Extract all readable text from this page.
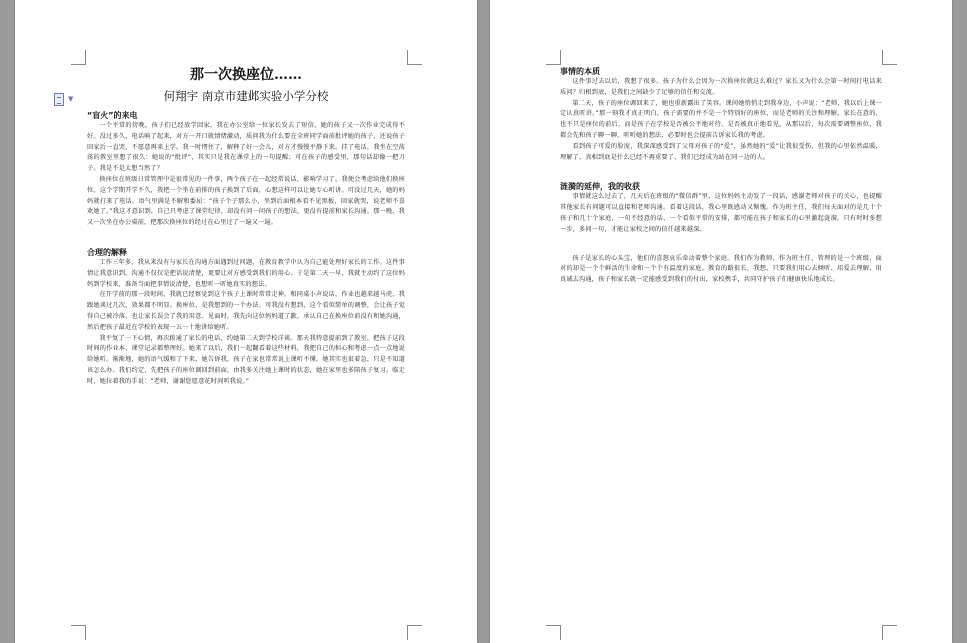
▼

那一次换座位……

何翔宇 南京市建邺实验小学分校

“盲火”的来电

一个平常的傍晚，孩子们已经放学回家，我在办公室给一位家长发去了短信，她的孩子又一次作业完成得不好。没过多久，电话响了起来，对方一开口就情绪激动，质问我为什么要在全班同学面前批评她的孩子，还说孩子回家后一直哭，不愿意再来上学。我一时愣住了，解释了好一会儿，对方才慢慢平静下来。挂了电话，我坐在空荡荡的教室里想了很久：她说的“批评”，其实只是我在课堂上的一句提醒；可在孩子的感受里，那句话却像一把刀子。我是不是太想当然了？

换座位在班级日常管理中是很常见的一件事，两个孩子在一起经常说话，影响学习了，我便会考虑给他们换座位。这个学期开学不久，我把一个坐在前排的孩子换到了后面，心想这样可以让她专心听讲。可没过几天，她的妈妈就打来了电话，语气里满是不解和委屈：“孩子个子那么小，坐到后面根本看不见黑板，回家就哭，说老师不喜欢她了。”我这才意识到，自己只考虑了课堂纪律，却没有问一问孩子的想法，更没有提前和家长沟通。那一晚，我又一次坐在办公桌前，把那次换座位的经过在心里过了一遍又一遍。

合理的解释

工作三年多，我从来没有与家长在沟通方面遇到过问题，在教育教学中认为自己能处理好家长的工作。这件事情让我意识到，沟通不仅仅是把话说清楚，更要让对方感受到我们的用心。于是第二天一早，我就主动约了这位妈妈到学校来，准备当面把事情说清楚，也想听一听她真实的想法。

在开学前的那一段时间，我就已经察觉到这个孩子上课时常常走神，和同桌小声说话，作业也越来越马虎。我跟她谈过几次，效果都不明显。换座位，是我想到的一个办法。可我没有想到，这个看似简单的调整，会让孩子觉得自己被冷落，也让家长误会了我的用意。见面时，我先向这位妈妈道了歉，承认自己在换座位前没有和她沟通，然后把孩子最近在学校的表现一五一十地讲给她听。

我平复了一下心情，再次拨通了家长的电话，约她第二天到学校详谈。那天我特意提前到了教室，把孩子这段时间的作业本、课堂记录都整理好。她来了以后，我们一起翻看着这些材料，我把自己的担心和考虑一点一点地说给她听。渐渐地，她的语气缓和了下来，她告诉我，孩子在家也常常说上课听不懂，她其实也很着急，只是不知道该怎么办。我们约定，先把孩子的座位调回到前面，由我多关注她上课时的状态，她在家里也多陪孩子复习。临走时，她拉着我的手说：“老师，谢谢您愿意花时间听我说。”

事情的本质

这件事过去以后，我想了很多。孩子为什么会因为一次换座位就这么难过？家长又为什么会第一时间打电话来质问？归根到底，是我们之间缺少了足够的信任和交流。

第二天，孩子的座位调回来了，她也重新露出了笑容。课间她悄悄走到我身边，小声说：“老师，我以后上课一定认真听讲。”那一刻我才真正明白，孩子需要的并不是一个特别好的座位，而是老师的关注和理解。家长在意的，也不只是座位的前后，而是孩子在学校是否被公平地对待、是否被真正地看见。从那以后，每次需要调整座位，我都会先和孩子聊一聊，听听她的想法，必要时也会提前告诉家长我的考虑。

看到孩子可爱的脸庞，我深深感受到了父母对孩子的“爱”，虽然她的“爱”让我很受伤，但我的心里依然温暖，理解了，真相到底是什么已经不再重要了，我们已经成为站在同一边的人。

涟漪的延伸，我的收获

事情就这么过去了，几天后在班级的“微信群”里，这位妈妈主动发了一段话，感谢老师对孩子的关心，也提醒其他家长有问题可以直接和老师沟通。看着这段话，我心里既感动又惭愧。作为班主任，我们每天面对的是几十个孩子和几十个家庭，一句不经意的话、一个看似平常的安排，都可能在孩子和家长的心里激起涟漪。只有时时多想一步，多问一句，才能让家校之间的信任越来越深。

孩子是家长的心头宝，他们的喜怒哀乐牵动着整个家庭。我们作为教师，作为班主任，管理的是一个班级，面对的却是一个个鲜活的生命和一个个有温度的家庭。教育的路很长，我想，只要我们用心去倾听、用爱去理解、用真诚去沟通，孩子和家长就一定能感受到我们的付出，家校携手，共同守护孩子们健康快乐地成长。
